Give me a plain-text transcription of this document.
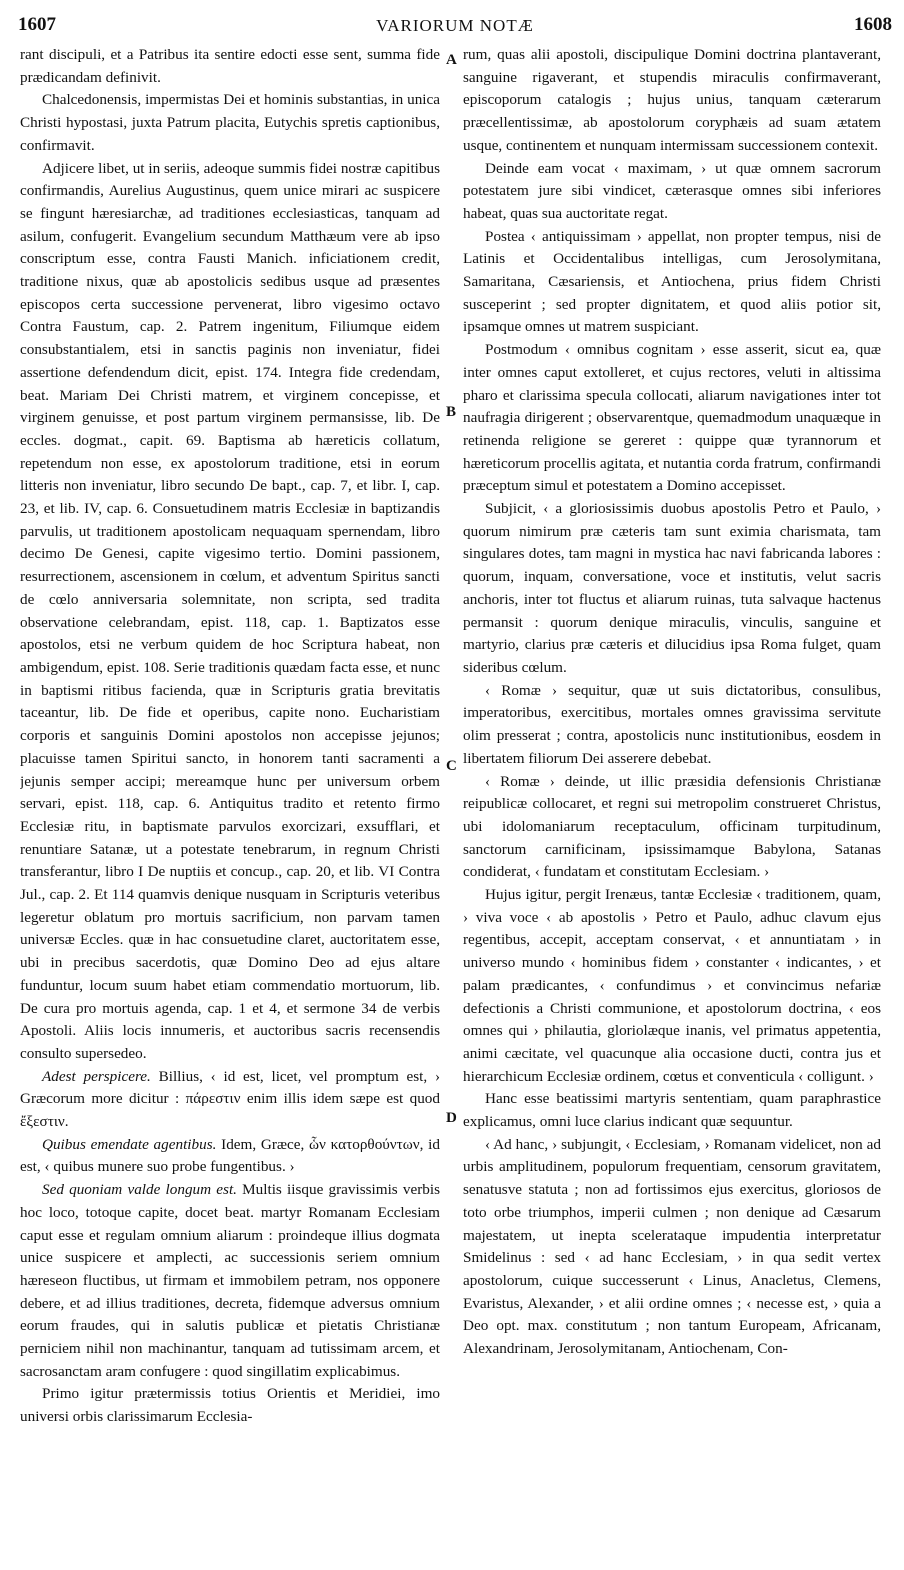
1607	VARIORUM NOTÆ	1608
A
B
C
D

rant discipuli, et a Patribus ita sentire edocti esse sent, summa fide prædicandam definivit.

Chalcedonensis, impermistas Dei et hominis substantias, in unica Christi hypostasi, juxta Patrum placita, Eutychis spretis captionibus, confirmavit.

Adjicere libet, ut in seriis, adeoque summis fidei nostræ capitibus confirmandis, Aurelius Augustinus, quem unice mirari ac suspicere se fingunt hæresiarchæ, ad traditiones ecclesiasticas, tanquam ad asilum, confugerit. Evangelium secundum Matthæum vere ab ipso conscriptum esse, contra Fausti Manich. inficiationem credit, traditione nixus, quæ ab apostolicis sedibus usque ad præsentes episcopos certa successione pervenerat, libro vigesimo octavo Contra Faustum, cap. 2. Patrem ingenitum, Filiumque eidem consubstantialem, etsi in sanctis paginis non inveniatur, fidei assertione defendendum dicit, epist. 174. Integra fide credendam, beat. Mariam Dei Christi matrem, et virginem concepisse, et virginem genuisse, et post partum virginem permansisse, lib. De eccles. dogmat., capit. 69. Baptisma ab hæreticis collatum, repetendum non esse, ex apostolorum traditione, etsi in eorum litteris non inveniatur, libro secundo De bapt., cap. 7, et libr. I, cap. 23, et lib. IV, cap. 6. Consuetudinem matris Ecclesiæ in baptizandis parvulis, ut traditionem apostolicam nequaquam spernendam, libro decimo De Genesi, capite vigesimo tertio. Domini passionem, resurrectionem, ascensionem in cœlum, et adventum Spiritus sancti de cœlo anniversaria solemnitate, non scripta, sed tradita observatione celebrandam, epist. 118, cap. 1. Baptizatos esse apostolos, etsi ne verbum quidem de hoc Scriptura habeat, non ambigendum, epist. 108. Serie traditionis quædam facta esse, et nunc in baptismi ritibus facienda, quæ in Scripturis gratia brevitatis taceantur, lib. De fide et operibus, capite nono. Eucharistiam corporis et sanguinis Domini apostolos non accepisse jejunos; placuisse tamen Spiritui sancto, in honorem tanti sacramenti a jejunis semper accipi; mereamque hunc per universum orbem servari, epist. 118, cap. 6. Antiquitus tradito et retento firmo Ecclesiæ ritu, in baptismate parvulos exorcizari, exsufflari, et renuntiare Satanæ, ut a potestate tenebrarum, in regnum Christi transferantur, libro I De nuptiis et concup., cap. 20, et lib. VI Contra Jul., cap. 2. Et 114 quamvis denique nusquam in Scripturis veteribus legeretur oblatum pro mortuis sacrificium, non parvam tamen universæ Eccles. quæ in hac consuetudine claret, auctoritatem esse, ubi in precibus sacerdotis, quæ Domino Deo ad ejus altare funduntur, locum suum habet etiam commendatio mortuorum, lib. De cura pro mortuis agenda, cap. 1 et 4, et sermone 34 de verbis Apostoli. Aliis locis innumeris, et auctoribus sacris recensendis consulto supersedeo.

Adest perspicere. Billius, ‹ id est, licet, vel promptum est, › Græcorum more dicitur : πάρεστιν enim illis idem sæpe est quod ἔξεστιν.

Quibus emendate agentibus. Idem, Græce, ὧν κατορθούντων, id est, ‹ quibus munere suo probe fungentibus. ›

Sed quoniam valde longum est. Multis iisque gravissimis verbis hoc loco, totoque capite, docet beat. martyr Romanam Ecclesiam caput esse et regulam omnium aliarum : proindeque illius dogmata unice suspicere et amplecti, ac successionis seriem omnium hæreseon fluctibus, ut firmam et immobilem petram, nos opponere debere, et ad illius traditiones, decreta, fidemque adversus omnium eorum fraudes, qui in salutis publicæ et pietatis Christianæ perniciem nihil non machinantur, tanquam ad tutissimam arcem, et sacrosanctam aram confugere : quod singillatim explicabimus.

Primo igitur prætermissis totius Orientis et Meridiei, imo universi orbis clarissimarum Ecclesia-

rum, quas alii apostoli, discipulique Domini doctrina plantaverant, sanguine rigaverant, et stupendis miraculis confirmaverant, episcoporum catalogis ; hujus unius, tanquam cæterarum præcellentissimæ, ab apostolorum coryphæis ad suam ætatem usque, continentem et nunquam intermissam successionem contexit.

Deinde eam vocat ‹ maximam, › ut quæ omnem sacrorum potestatem jure sibi vindicet, cæterasque omnes sibi inferiores habeat, quas sua auctoritate regat.

Postea ‹ antiquissimam › appellat, non propter tempus, nisi de Latinis et Occidentalibus intelligas, cum Jerosolymitana, Samaritana, Cæsariensis, et Antiochena, prius fidem Christi susceperint ; sed propter dignitatem, et quod aliis potior sit, ipsamque omnes ut matrem suspiciant.

Postmodum ‹ omnibus cognitam › esse asserit, sicut ea, quæ inter omnes caput extolleret, et cujus rectores, veluti in altissima pharo et clarissima specula collocati, aliarum navigationes inter tot naufragia dirigerent ; observarentque, quemadmodum unaquæque in retinenda religione se gereret : quippe quæ tyrannorum et hæreticorum procellis agitata, et nutantia corda fratrum, confirmandi præceptum simul et potestatem a Domino accepisset.

Subjicit, ‹ a gloriosissimis duobus apostolis Petro et Paulo, › quorum nimirum præ cæteris tam sunt eximia charismata, tam singulares dotes, tam magni in mystica hac navi fabricanda labores : quorum, inquam, conversatione, voce et institutis, velut sacris anchoris, inter tot fluctus et aliarum ruinas, tuta salvaque hactenus permansit : quorum denique miraculis, vinculis, sanguine et martyrio, clarius præ cæteris et dilucidius ipsa Roma fulget, quam sideribus cœlum.

‹ Romæ › sequitur, quæ ut suis dictatoribus, consulibus, imperatoribus, exercitibus, mortales omnes gravissima servitute olim presserat ; contra, apostolicis nunc institutionibus, eosdem in libertatem filiorum Dei asserere debebat.

‹ Romæ › deinde, ut illic præsidia defensionis Christianæ reipublicæ collocaret, et regni sui metropolim construeret Christus, ubi idolomaniarum receptaculum, officinam turpitudinum, sanctorum carnificinam, ipsissimamque Babylona, Satanas condiderat, ‹ fundatam et constitutam Ecclesiam. ›

Hujus igitur, pergit Irenæus, tantæ Ecclesiæ ‹ traditionem, quam, › viva voce ‹ ab apostolis › Petro et Paulo, adhuc clavum ejus regentibus, accepit, acceptam conservat, ‹ et annuntiatam › in universo mundo ‹ hominibus fidem › constanter ‹ indicantes, › et palam prædicantes, ‹ confundimus › et convincimus nefariæ defectionis a Christi communione, et apostolorum doctrina, ‹ eos omnes qui › philautia, gloriolæque inanis, vel primatus appetentia, animi cæcitate, vel quacunque alia occasione ducti, contra jus et hierarchicum Ecclesiæ ordinem, cœtus et conventicula ‹ colligunt. ›

Hanc esse beatissimi martyris sententiam, quam paraphrastice explicamus, omni luce clarius indicant quæ sequuntur.

‹ Ad hanc, › subjungit, ‹ Ecclesiam, › Romanam videlicet, non ad urbis amplitudinem, populorum frequentiam, censorum gravitatem, senatusve statuta ; non ad fortissimos ejus exercitus, gloriosos de toto orbe triumphos, imperii culmen ; non denique ad Cæsarum majestatem, ut inepta scelerataque impudentia interpretatur Smidelinus : sed ‹ ad hanc Ecclesiam, › in qua sedit vertex apostolorum, cuique successerunt ‹ Linus, Anacletus, Clemens, Evaristus, Alexander, › et alii ordine omnes ; ‹ necesse est, › quia a Deo opt. max. constitutum ; non tantum Europeam, Africanam, Alexandrinam, Jerosolymitanam, Antiochenam, Con-
